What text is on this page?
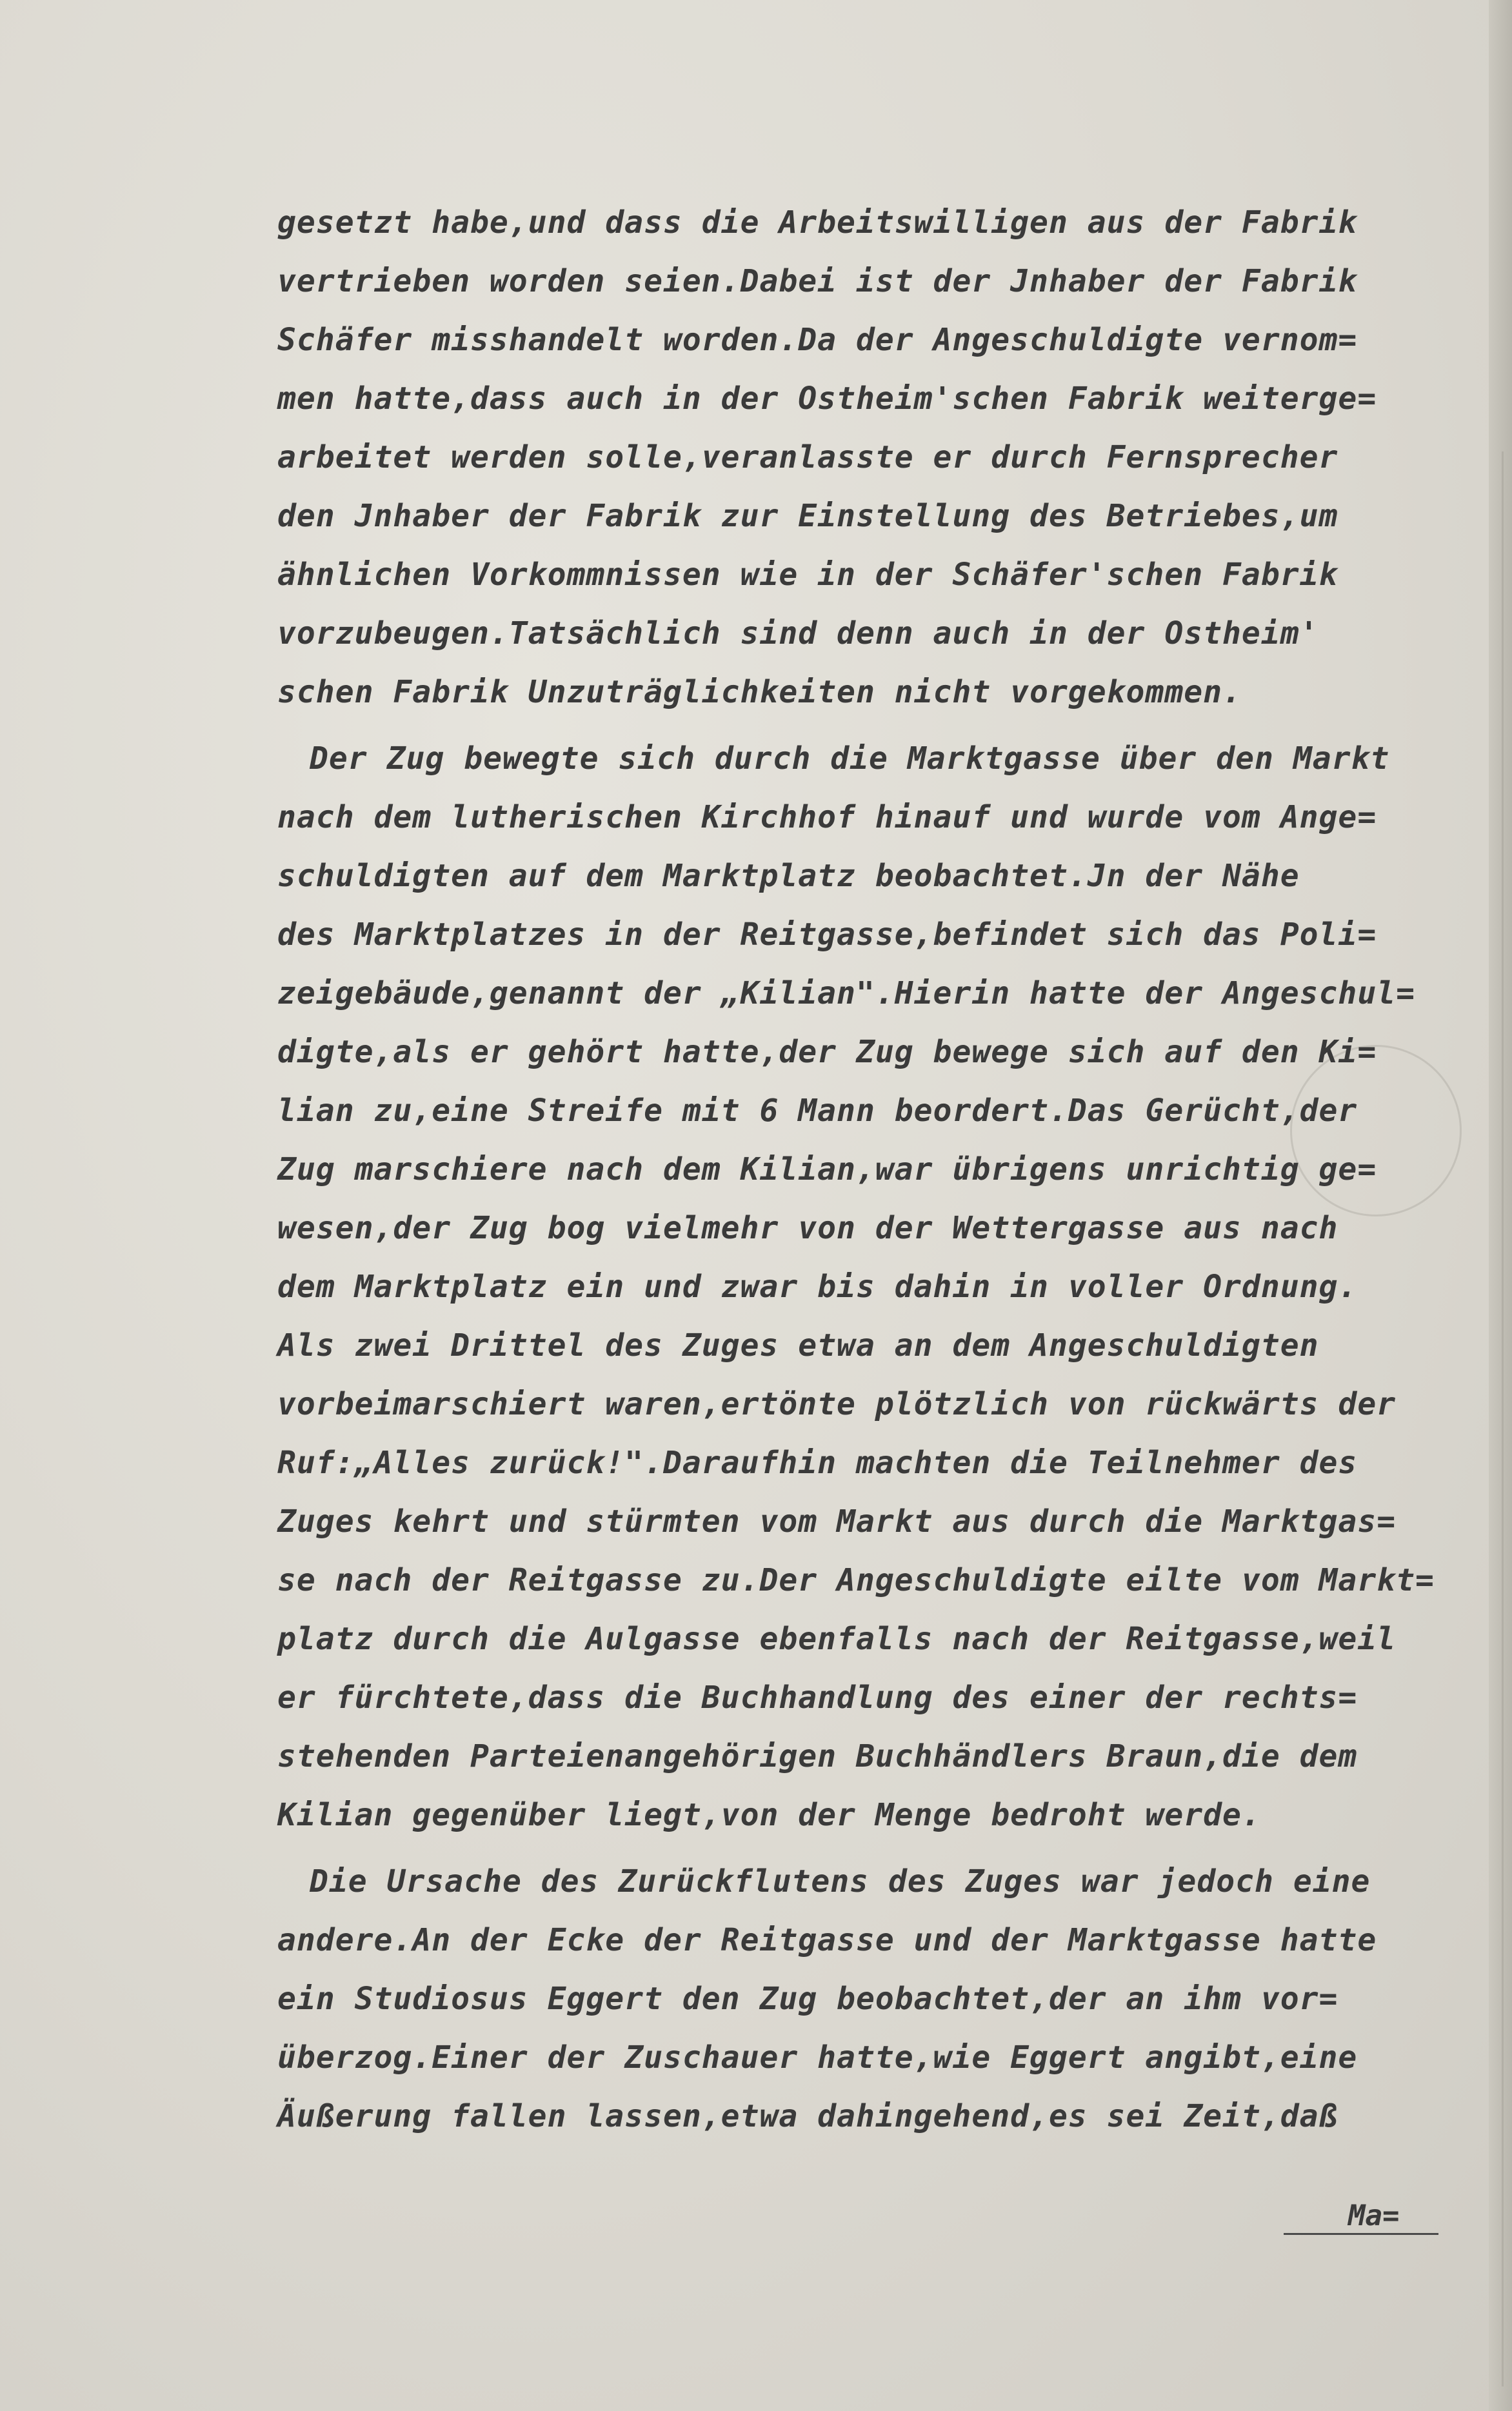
gesetzt habe,und dass die Arbeitswilligen aus der Fabrik
vertrieben worden seien.Dabei ist der Jnhaber der Fabrik
Schäfer misshandelt worden.Da der Angeschuldigte vernom=
men hatte,dass auch in der Ostheim'schen Fabrik weiterge=
arbeitet werden solle,veranlasste er durch Fernsprecher
den Jnhaber der Fabrik zur Einstellung des Betriebes,um
ähnlichen Vorkommnissen wie in der Schäfer'schen Fabrik
vorzubeugen.Tatsächlich sind denn auch in der Ostheim'
schen Fabrik Unzuträglichkeiten nicht vorgekommen.
Der Zug bewegte sich durch die Marktgasse über den Markt
nach dem lutherischen Kirchhof hinauf und wurde vom Ange=
schuldigten auf dem Marktplatz beobachtet.Jn der Nähe
des Marktplatzes in der Reitgasse,befindet sich das Poli=
zeigebäude,genannt der „Kilian".Hierin hatte der Angeschul=
digte,als er gehört hatte,der Zug bewege sich auf den Ki=
lian zu,eine Streife mit 6 Mann beordert.Das Gerücht,der
Zug marschiere nach dem Kilian,war übrigens unrichtig ge=
wesen,der Zug bog vielmehr von der Wettergasse aus nach
dem Marktplatz ein und zwar bis dahin in voller Ordnung.
Als zwei Drittel des Zuges etwa an dem Angeschuldigten
vorbeimarschiert waren,ertönte plötzlich von rückwärts der
Ruf:„Alles zurück!".Daraufhin machten die Teilnehmer des
Zuges kehrt und stürmten vom Markt aus durch die Marktgas=
se nach der Reitgasse zu.Der Angeschuldigte eilte vom Markt=
platz durch die Aulgasse ebenfalls nach der Reitgasse,weil
er fürchtete,dass die Buchhandlung des einer der rechts=
stehenden Parteienangehörigen Buchhändlers Braun,die dem
Kilian gegenüber liegt,von der Menge bedroht werde.
Die Ursache des Zurückflutens des Zuges war jedoch eine
andere.An der Ecke der Reitgasse und der Marktgasse hatte
ein Studiosus Eggert den Zug beobachtet,der an ihm vor=
überzog.Einer der Zuschauer hatte,wie Eggert angibt,eine
Äußerung fallen lassen,etwa dahingehend,es sei Zeit,daß
Ma=
